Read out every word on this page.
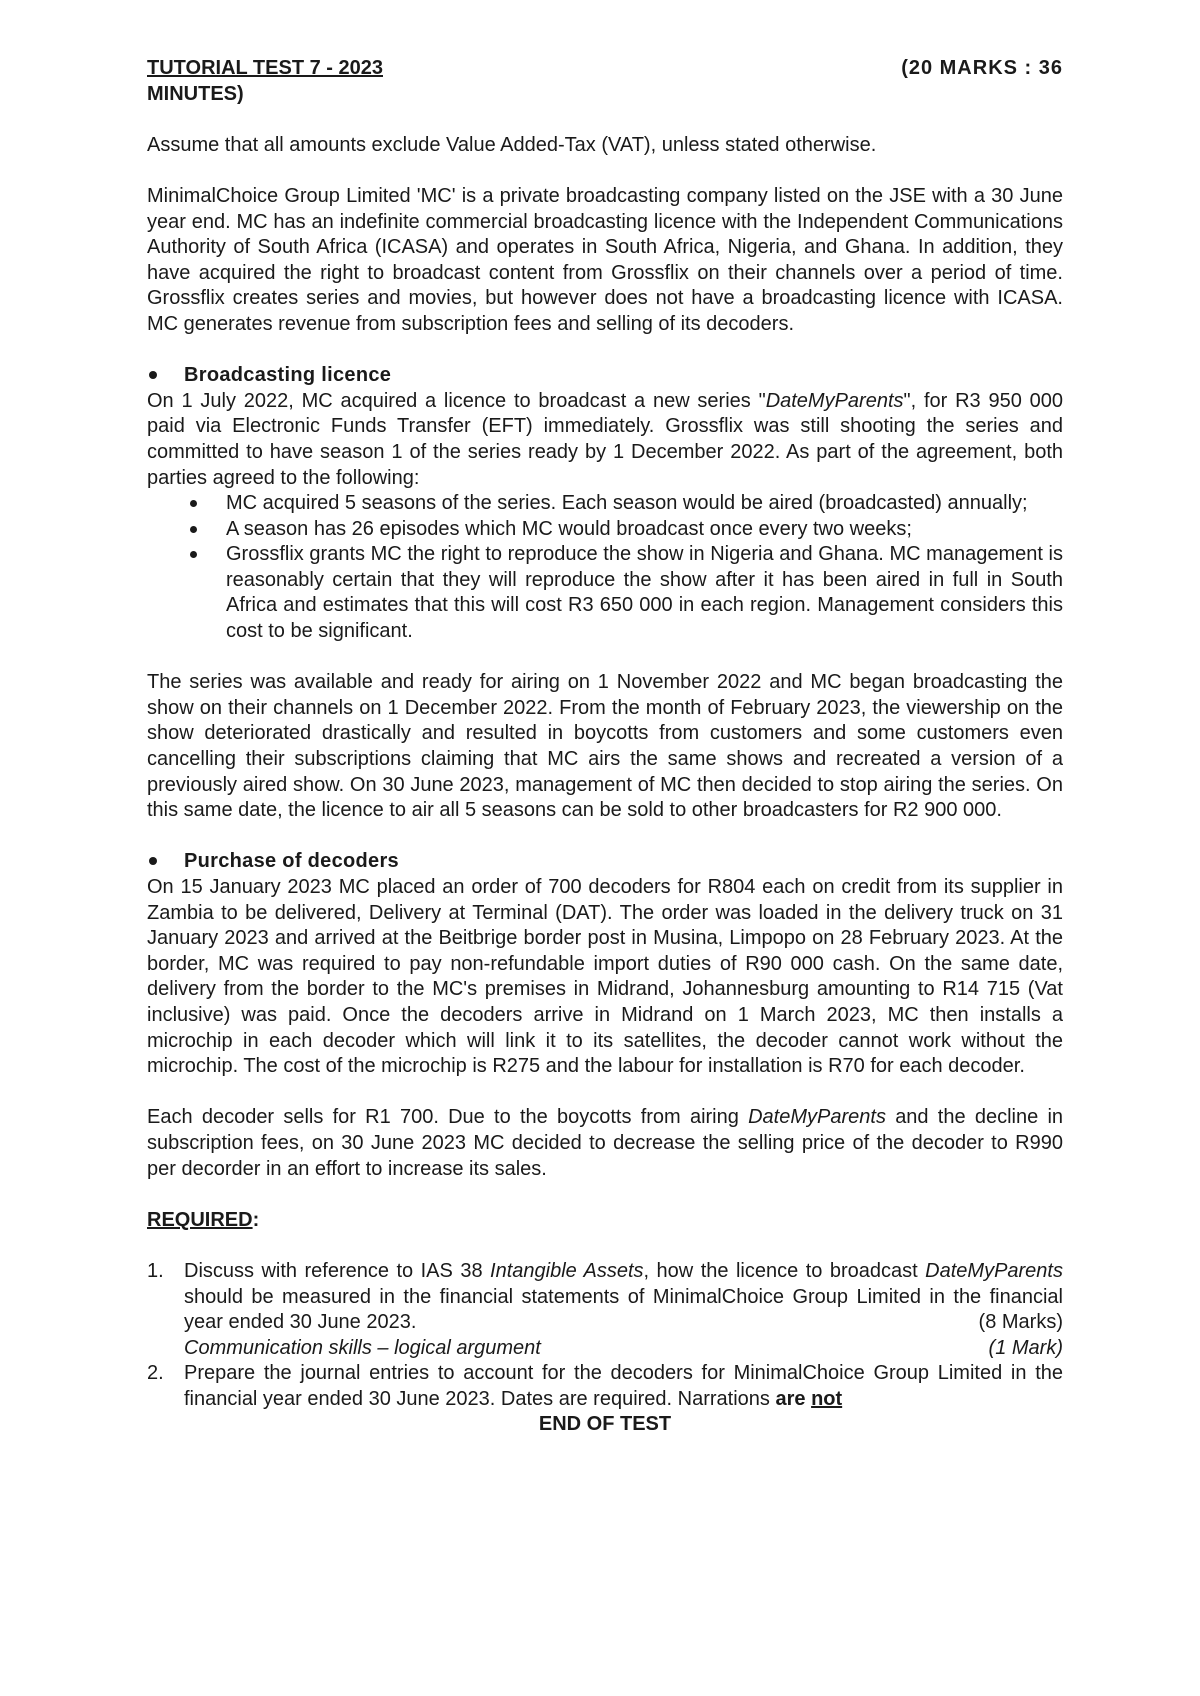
TUTORIAL TEST 7 - 2023	(20 MARKS : 36

MINUTES)

Assume that all amounts exclude Value Added-Tax (VAT), unless stated otherwise.

MinimalChoice Group Limited 'MC' is a private broadcasting company listed on the JSE with a 30 June year end. MC has an indefinite commercial broadcasting licence with the Independent Communications Authority of South Africa (ICASA) and operates in South Africa, Nigeria, and Ghana. In addition, they have acquired the right to broadcast content from Grossflix on their channels over a period of time. Grossflix creates series and movies, but however does not have a broadcasting licence with ICASA. MC generates revenue from subscription fees and selling of its decoders.

Broadcasting licence

On 1 July 2022, MC acquired a licence to broadcast a new series "DateMyParents", for R3 950 000 paid via Electronic Funds Transfer (EFT) immediately. Grossflix was still shooting the series and committed to have season 1 of the series ready by 1 December 2022. As part of the agreement, both parties agreed to the following:

MC acquired 5 seasons of the series. Each season would be aired (broadcasted) annually;
A season has 26 episodes which MC would broadcast once every two weeks;
Grossflix grants MC the right to reproduce the show in Nigeria and Ghana. MC management is reasonably certain that they will reproduce the show after it has been aired in full in South Africa and estimates that this will cost R3 650 000 in each region. Management considers this cost to be significant.

The series was available and ready for airing on 1 November 2022 and MC began broadcasting the show on their channels on 1 December 2022. From the month of February 2023, the viewership on the show deteriorated drastically and resulted in boycotts from customers and some customers even cancelling their subscriptions claiming that MC airs the same shows and recreated a version of a previously aired show. On 30 June 2023, management of MC then decided to stop airing the series. On this same date, the licence to air all 5 seasons can be sold to other broadcasters for R2 900 000.

Purchase of decoders

On 15 January 2023 MC placed an order of 700 decoders for R804 each on credit from its supplier in Zambia to be delivered, Delivery at Terminal (DAT). The order was loaded in the delivery truck on 31 January 2023 and arrived at the Beitbrige border post in Musina, Limpopo on 28 February 2023. At the border, MC was required to pay non-refundable import duties of R90 000 cash. On the same date, delivery from the border to the MC's premises in Midrand, Johannesburg amounting to R14 715 (Vat inclusive) was paid. Once the decoders arrive in Midrand on 1 March 2023, MC then installs a microchip in each decoder which will link it to its satellites, the decoder cannot work without the microchip. The cost of the microchip is R275 and the labour for installation is R70 for each decoder.

Each decoder sells for R1 700. Due to the boycotts from airing DateMyParents and the decline in subscription fees, on 30 June 2023 MC decided to decrease the selling price of the decoder to R990 per decorder in an effort to increase its sales.

REQUIRED:

1.	Discuss with reference to IAS 38 Intangible Assets, how the licence to broadcast DateMyParents should be measured in the financial statements of MinimalChoice Group Limited in the financial year ended 30 June 2023.	(8 Marks)
Communication skills – logical argument	(1 Mark)
2.	Prepare the journal entries to account for the decoders for MinimalChoice Group Limited in the financial year ended 30 June 2023. Dates are required. Narrations are not

END OF TEST
